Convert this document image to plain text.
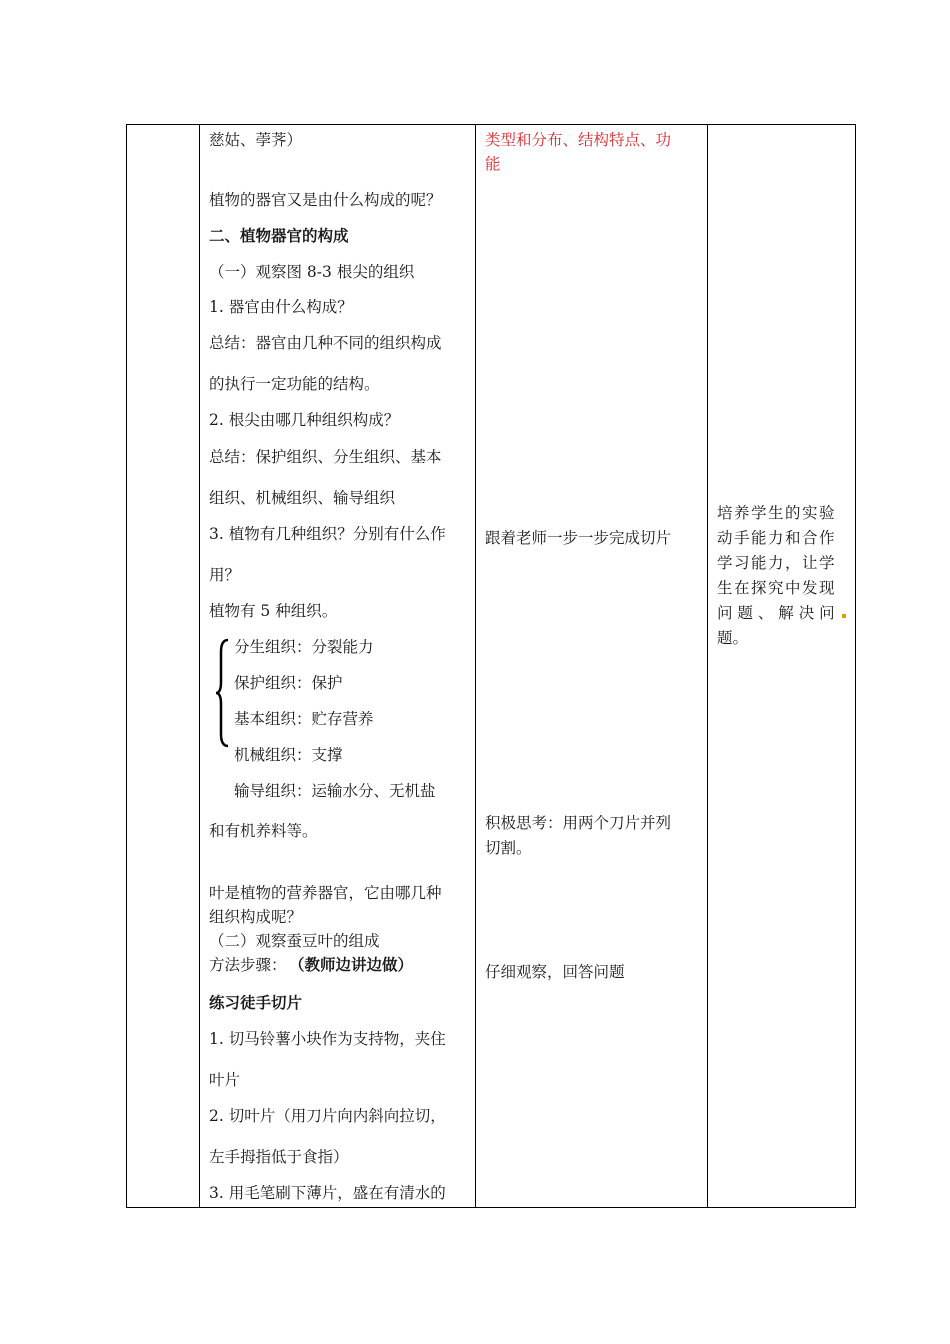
慈姑、荸荠）
植物的器官又是由什么构成的呢？
二、植物器官的构成
（一）观察图 8-3 根尖的组织
1. 器官由什么构成？
总结：器官由几种不同的组织构成
的执行一定功能的结构。
2. 根尖由哪几种组织构成？
总结：保护组织、分生组织、基本
组织、机械组织、输导组织
3. 植物有几种组织？分别有什么作
用？
植物有 5 种组织。
分生组织：分裂能力
保护组织：保护
基本组织：贮存营养
机械组织：支撑
输导组织：运输水分、无机盐
和有机养料等。
叶是植物的营养器官，它由哪几种
组织构成呢？
（二）观察蚕豆叶的组成
方法步骤： （教师边讲边做）
练习徒手切片
1. 切马铃薯小块作为支持物，夹住
叶片
2. 切叶片（用刀片向内斜向拉切，
左手拇指低于食指）
3. 用毛笔刷下薄片，盛在有清水的
类型和分布、结构特点、功
能
跟着老师一步一步完成切片
积极思考：用两个刀片并列
切割。
仔细观察，回答问题
培养学生的实验
动手能力和合作
学习能力，让学
生在探究中发现
问 题 、 解 决 问
题。
